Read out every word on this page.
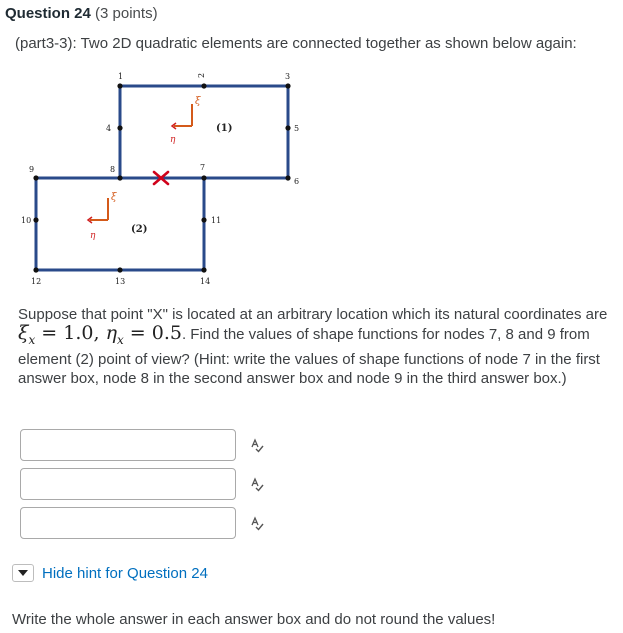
Question 24 (3 points)
(part3-3): Two 2D quadratic elements are connected together as shown below again:
1	2	3
4	5
6
7
8
9
10	11
12	13	14
ξ
η
(1)
ξ
η
(2)
Suppose that point "X" is located at an arbitrary location which its natural coordinates are $\xi_x = 1.0$, $\eta_x = 0.5$. Find the values of shape functions for nodes 7, 8 and 9 from element (2) point of view? (Hint: write the values of shape functions of node 7 in the first answer box, node 8 in the second answer box and node 9 in the third answer box.)
Hide hint for Question 24
Write the whole answer in each answer box and do not round the values!
